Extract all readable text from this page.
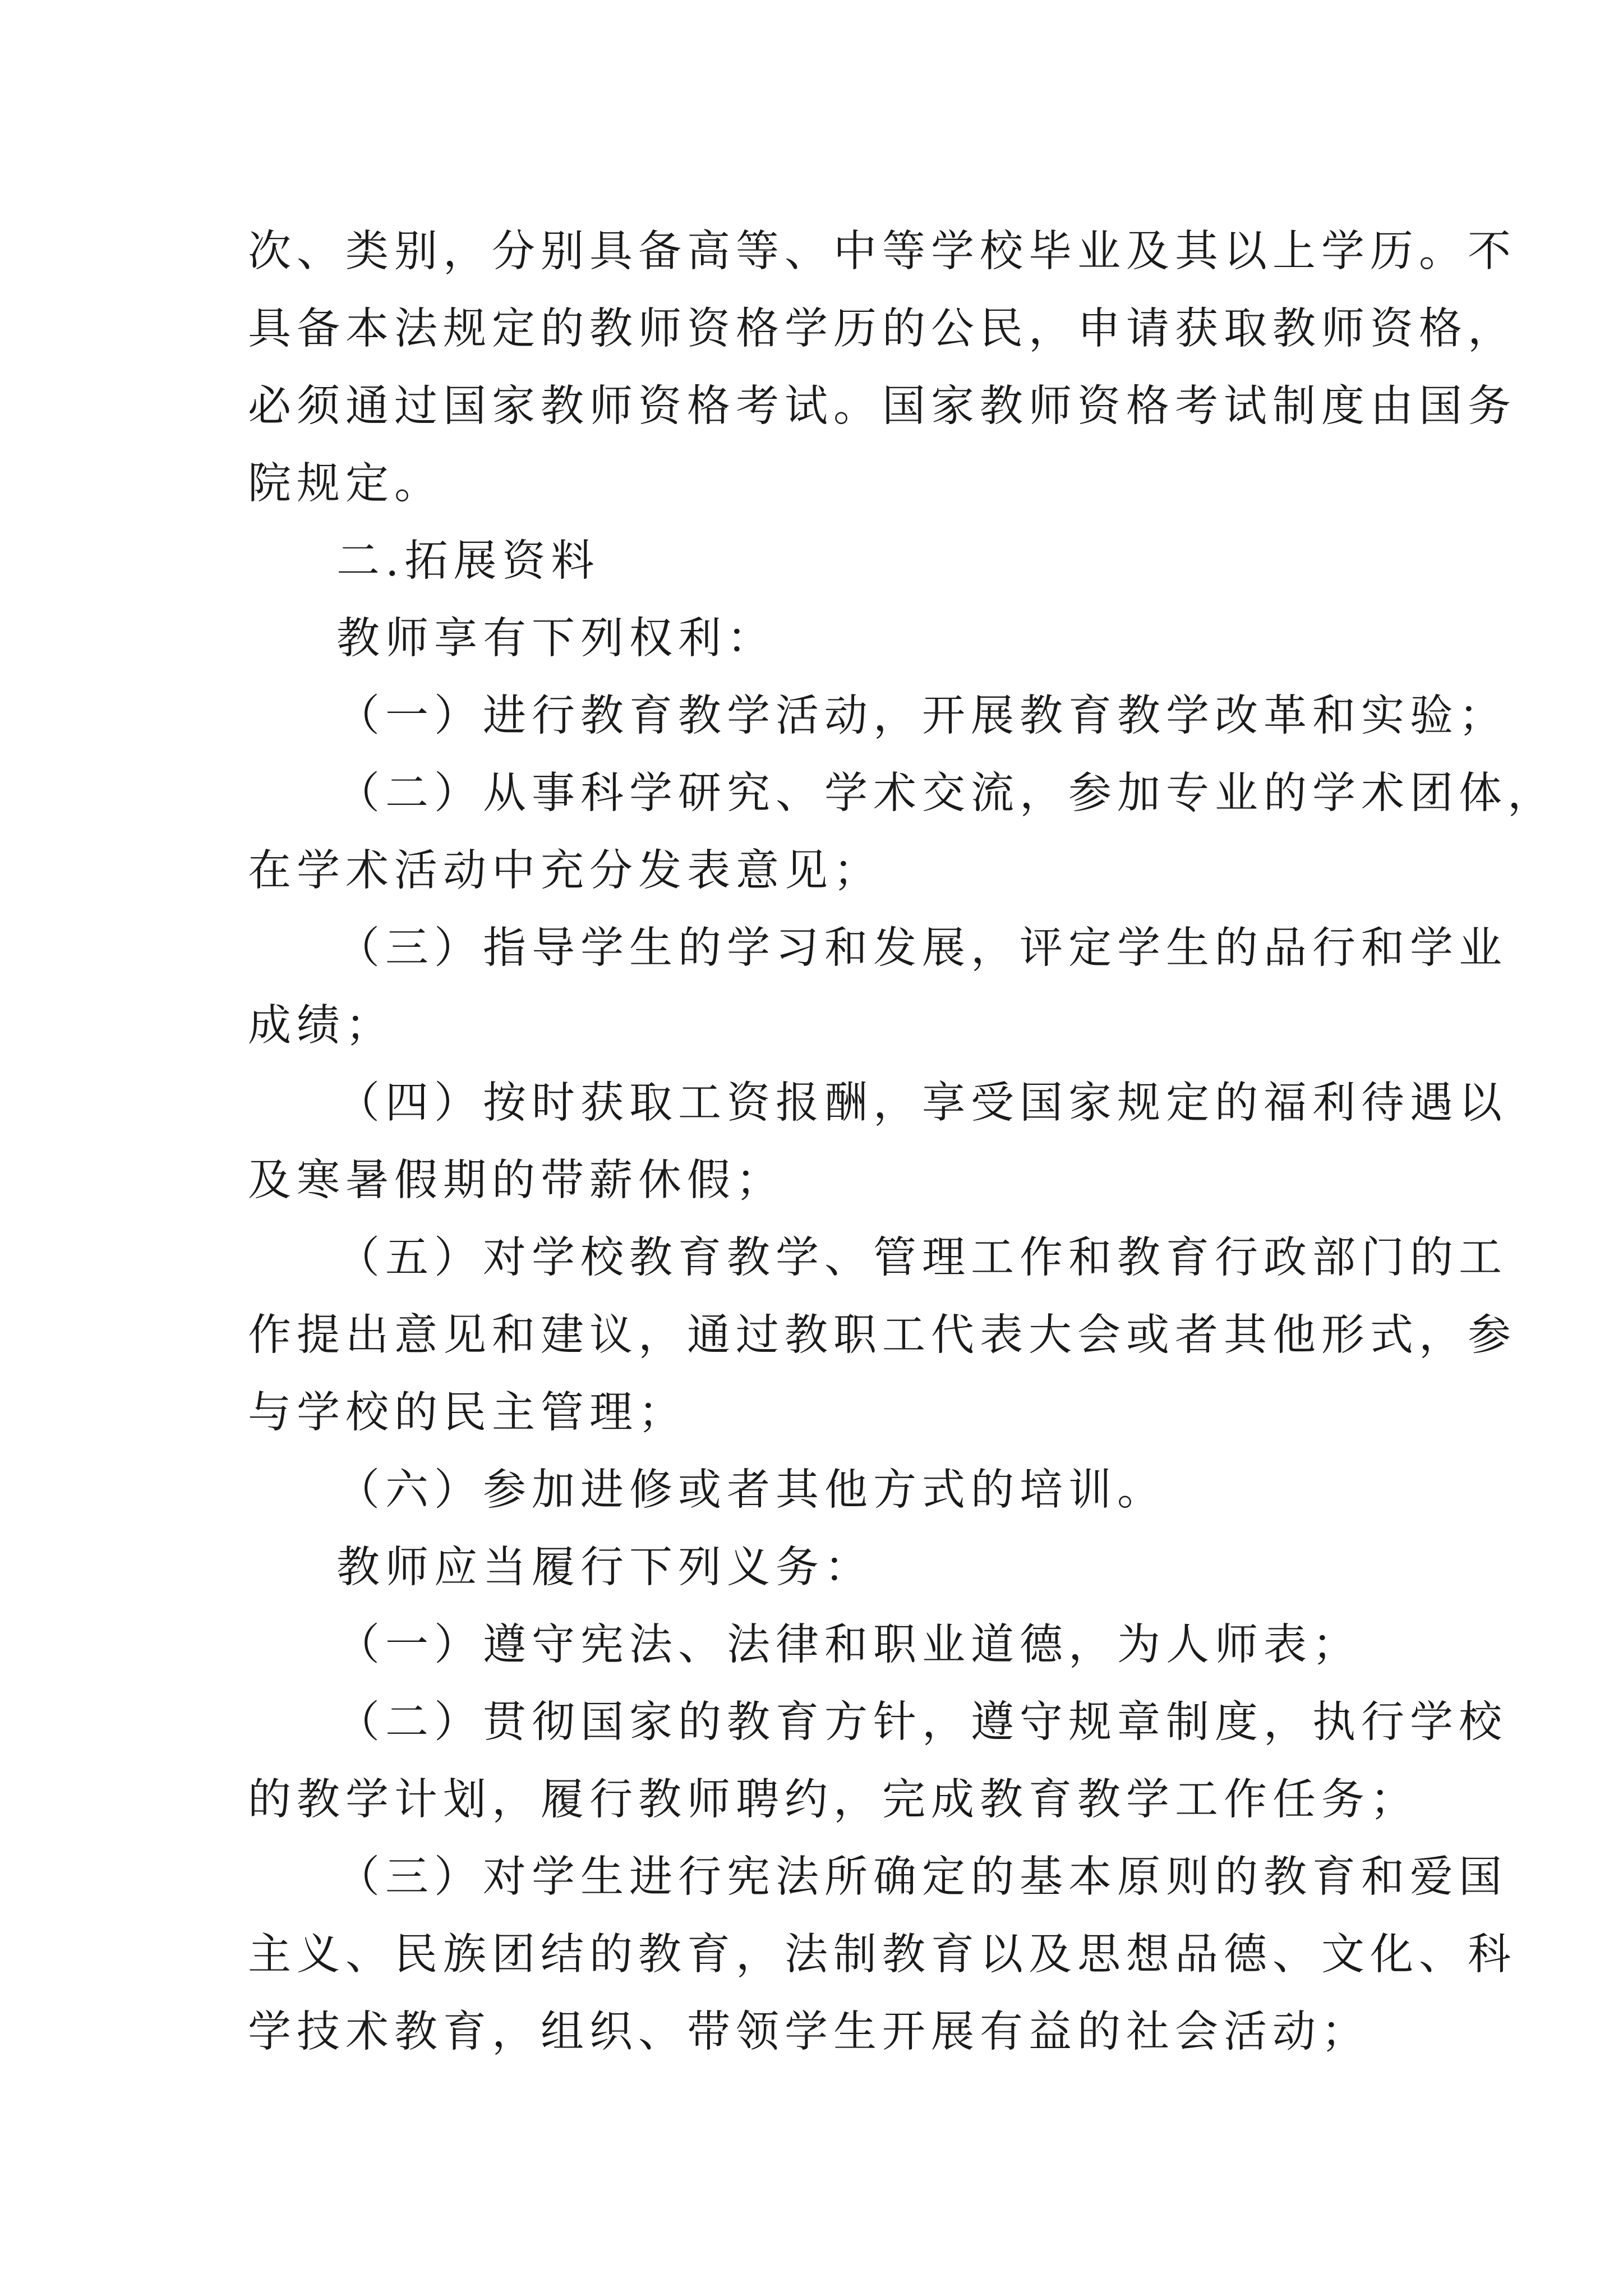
次、类别，分别具备高等、中等学校毕业及其以上学历。不
具备本法规定的教师资格学历的公民，申请获取教师资格，
必须通过国家教师资格考试。国家教师资格考试制度由国务
院规定。
二.拓展资料
教师享有下列权利：
（一）进行教育教学活动，开展教育教学改革和实验；
（二）从事科学研究、学术交流，参加专业的学术团体，
在学术活动中充分发表意见；
（三）指导学生的学习和发展，评定学生的品行和学业
成绩；
（四）按时获取工资报酬，享受国家规定的福利待遇以
及寒暑假期的带薪休假；
（五）对学校教育教学、管理工作和教育行政部门的工
作提出意见和建议，通过教职工代表大会或者其他形式，参
与学校的民主管理；
（六）参加进修或者其他方式的培训。
教师应当履行下列义务：
（一）遵守宪法、法律和职业道德，为人师表；
（二）贯彻国家的教育方针，遵守规章制度，执行学校
的教学计划，履行教师聘约，完成教育教学工作任务；
（三）对学生进行宪法所确定的基本原则的教育和爱国
主义、民族团结的教育，法制教育以及思想品德、文化、科
学技术教育，组织、带领学生开展有益的社会活动；
